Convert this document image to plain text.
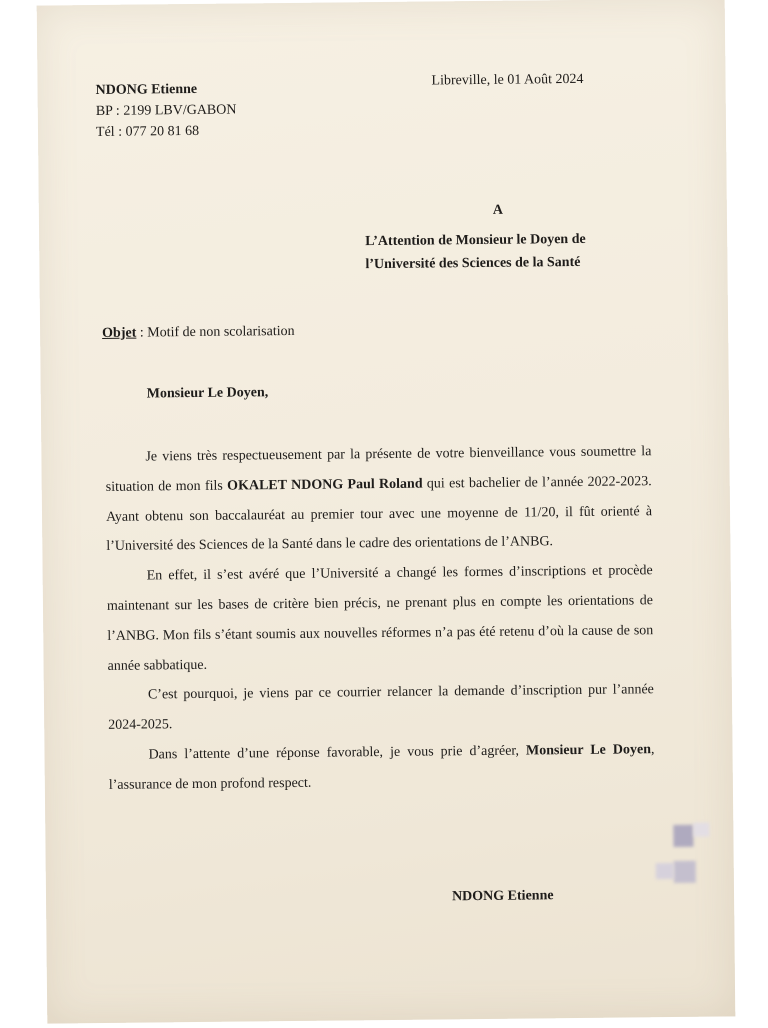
NDONG Etienne
BP : 2199 LBV/GABON
Tél : 077 20 81 68
Libreville, le 01 Août 2024
A
L’Attention de Monsieur le Doyen de
l’Université des Sciences de la Santé
Objet : Motif de non scolarisation
Monsieur Le Doyen,

Je viens très respectueusement par la présente de votre bienveillance vous soumettre la situation de mon fils OKALET NDONG Paul Roland qui est bachelier de l’année 2022-2023. Ayant obtenu son baccalauréat au premier tour avec une moyenne de 11/20, il fût orienté à l’Université des Sciences de la Santé dans le cadre des orientations de l’ANBG.

En effet, il s’est avéré que l’Université a changé les formes d’inscriptions et procède maintenant sur les bases de critère bien précis, ne prenant plus en compte les orientations de l’ANBG. Mon fils s’étant soumis aux nouvelles réformes n’a pas été retenu d’où la cause de son année sabbatique.

C’est pourquoi, je viens par ce courrier relancer la demande d’inscription pur l’année 2024-2025.

Dans l’attente d’une réponse favorable, je vous prie d’agréer, Monsieur Le Doyen, l’assurance de mon profond respect.

NDONG Etienne
